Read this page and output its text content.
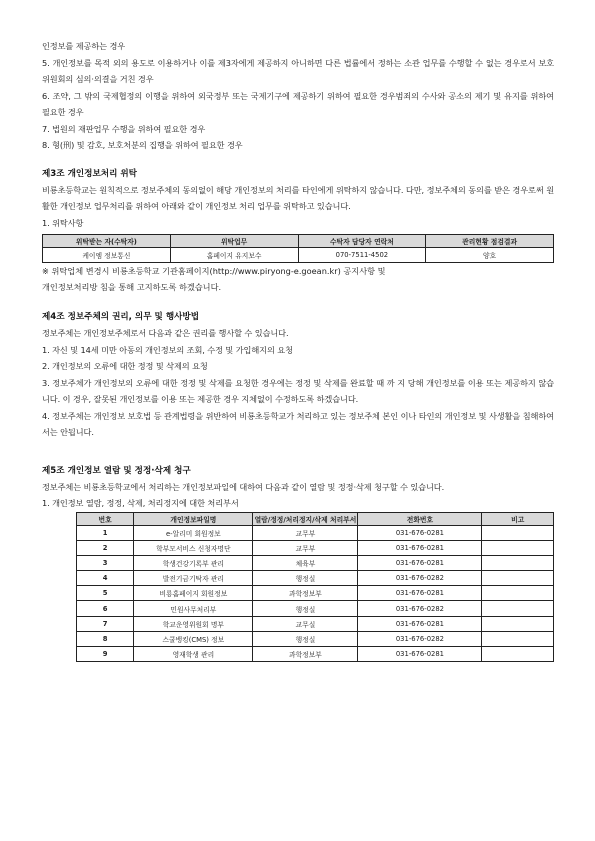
인정보를 제공하는 경우

5. 개인정보를 목적 외의 용도로 이용하거나 이를 제3자에게 제공하지 아니하면 다른 법률에서 정하는 소관 업무를 수행할 수 없는 경우로서 보호위원회의 심의·의결을 거친 경우

6. 조약, 그 밖의 국제협정의 이행을 위하여 외국정부 또는 국제기구에 제공하기 위하여 필요한 경우범죄의 수사와 공소의 제기 및 유지를 위하여 필요한 경우

7. 법원의 재판업무 수행을 위하여 필요한 경우

8. 형(刑) 및 감호, 보호처분의 집행을 위하여 필요한 경우

제3조 개인정보처리 위탁

비룡초등학교는 원칙적으로 정보주체의 동의없이 해당 개인정보의 처리를 타인에게 위탁하지 않습니다. 다만, 정보주체의 동의를 받은 경우로써 원활한 개인정보 업무처리를 위하여 아래와 같이 개인정보 처리 업무를 위탁하고 있습니다.

1. 위탁사항

위탁받는 자(수탁자)	위탁업무	수탁자 담당자 연락처	관리현황 점검결과
케이엠 정보통신	홈페이지 유지보수	070-7511-4502	양호

※ 위탁업체 변경시 비룡초등학교 기관홈페이지(http://www.piryong-e.goean.kr) 공지사항 및

개인정보처리방 침을 통해 고지하도록 하겠습니다.

제4조 정보주체의 권리, 의무 및 행사방법

정보주체는 개인정보주체로서 다음과 같은 권리를 행사할 수 있습니다.

1. 자신 및 14세 미만 아동의 개인정보의 조회, 수정 및 가입해지의 요청

2. 개인정보의 오류에 대한 정정 및 삭제의 요청

3. 정보주체가 개인정보의 오류에 대한 정정 및 삭제를 요청한 경우에는 정정 및 삭제를 완료할 때 까 지 당해 개인정보를 이용 또는 제공하지 않습니다. 이 경우, 잘못된 개인정보를 이용 또는 제공한 경우 지체없이 수정하도록 하겠습니다.

4. 정보주체는 개인정보 보호법 등 관계법령을 위반하여 비룡초등학교가 처리하고 있는 정보주체 본인 이나 타인의 개인정보 및 사생활을 침해하여서는 안됩니다.

제5조 개인정보 열람 및 정정·삭제 청구

정보주체는 비룡초등학교에서 처리하는 개인정보파일에 대하여 다음과 같이 열람 및 정정·삭제 청구할 수 있습니다.

1. 개인정보 열람, 정정, 삭제, 처리정지에 대한 처리부서

번호	개인정보파일명	열람/정정/처리정지/삭제 처리부서	전화번호	비고
1	e-알리미 회원정보	교무부	031-676-0281	
2	학부모서비스 신청자명단	교무부	031-676-0281	
3	학생건강기록부 관리	체육부	031-676-0281	
4	발전기금기탁자 관리	행정실	031-676-0282	
5	비룡홈페이지 회원정보	과학정보부	031-676-0281	
6	민원사무처리부	행정실	031-676-0282	
7	학교운영위원회 명부	교무실	031-676-0281	
8	스쿨뱅킹(CMS) 정보	행정실	031-676-0282	
9	영재학생 관리	과학정보부	031-676-0281	
